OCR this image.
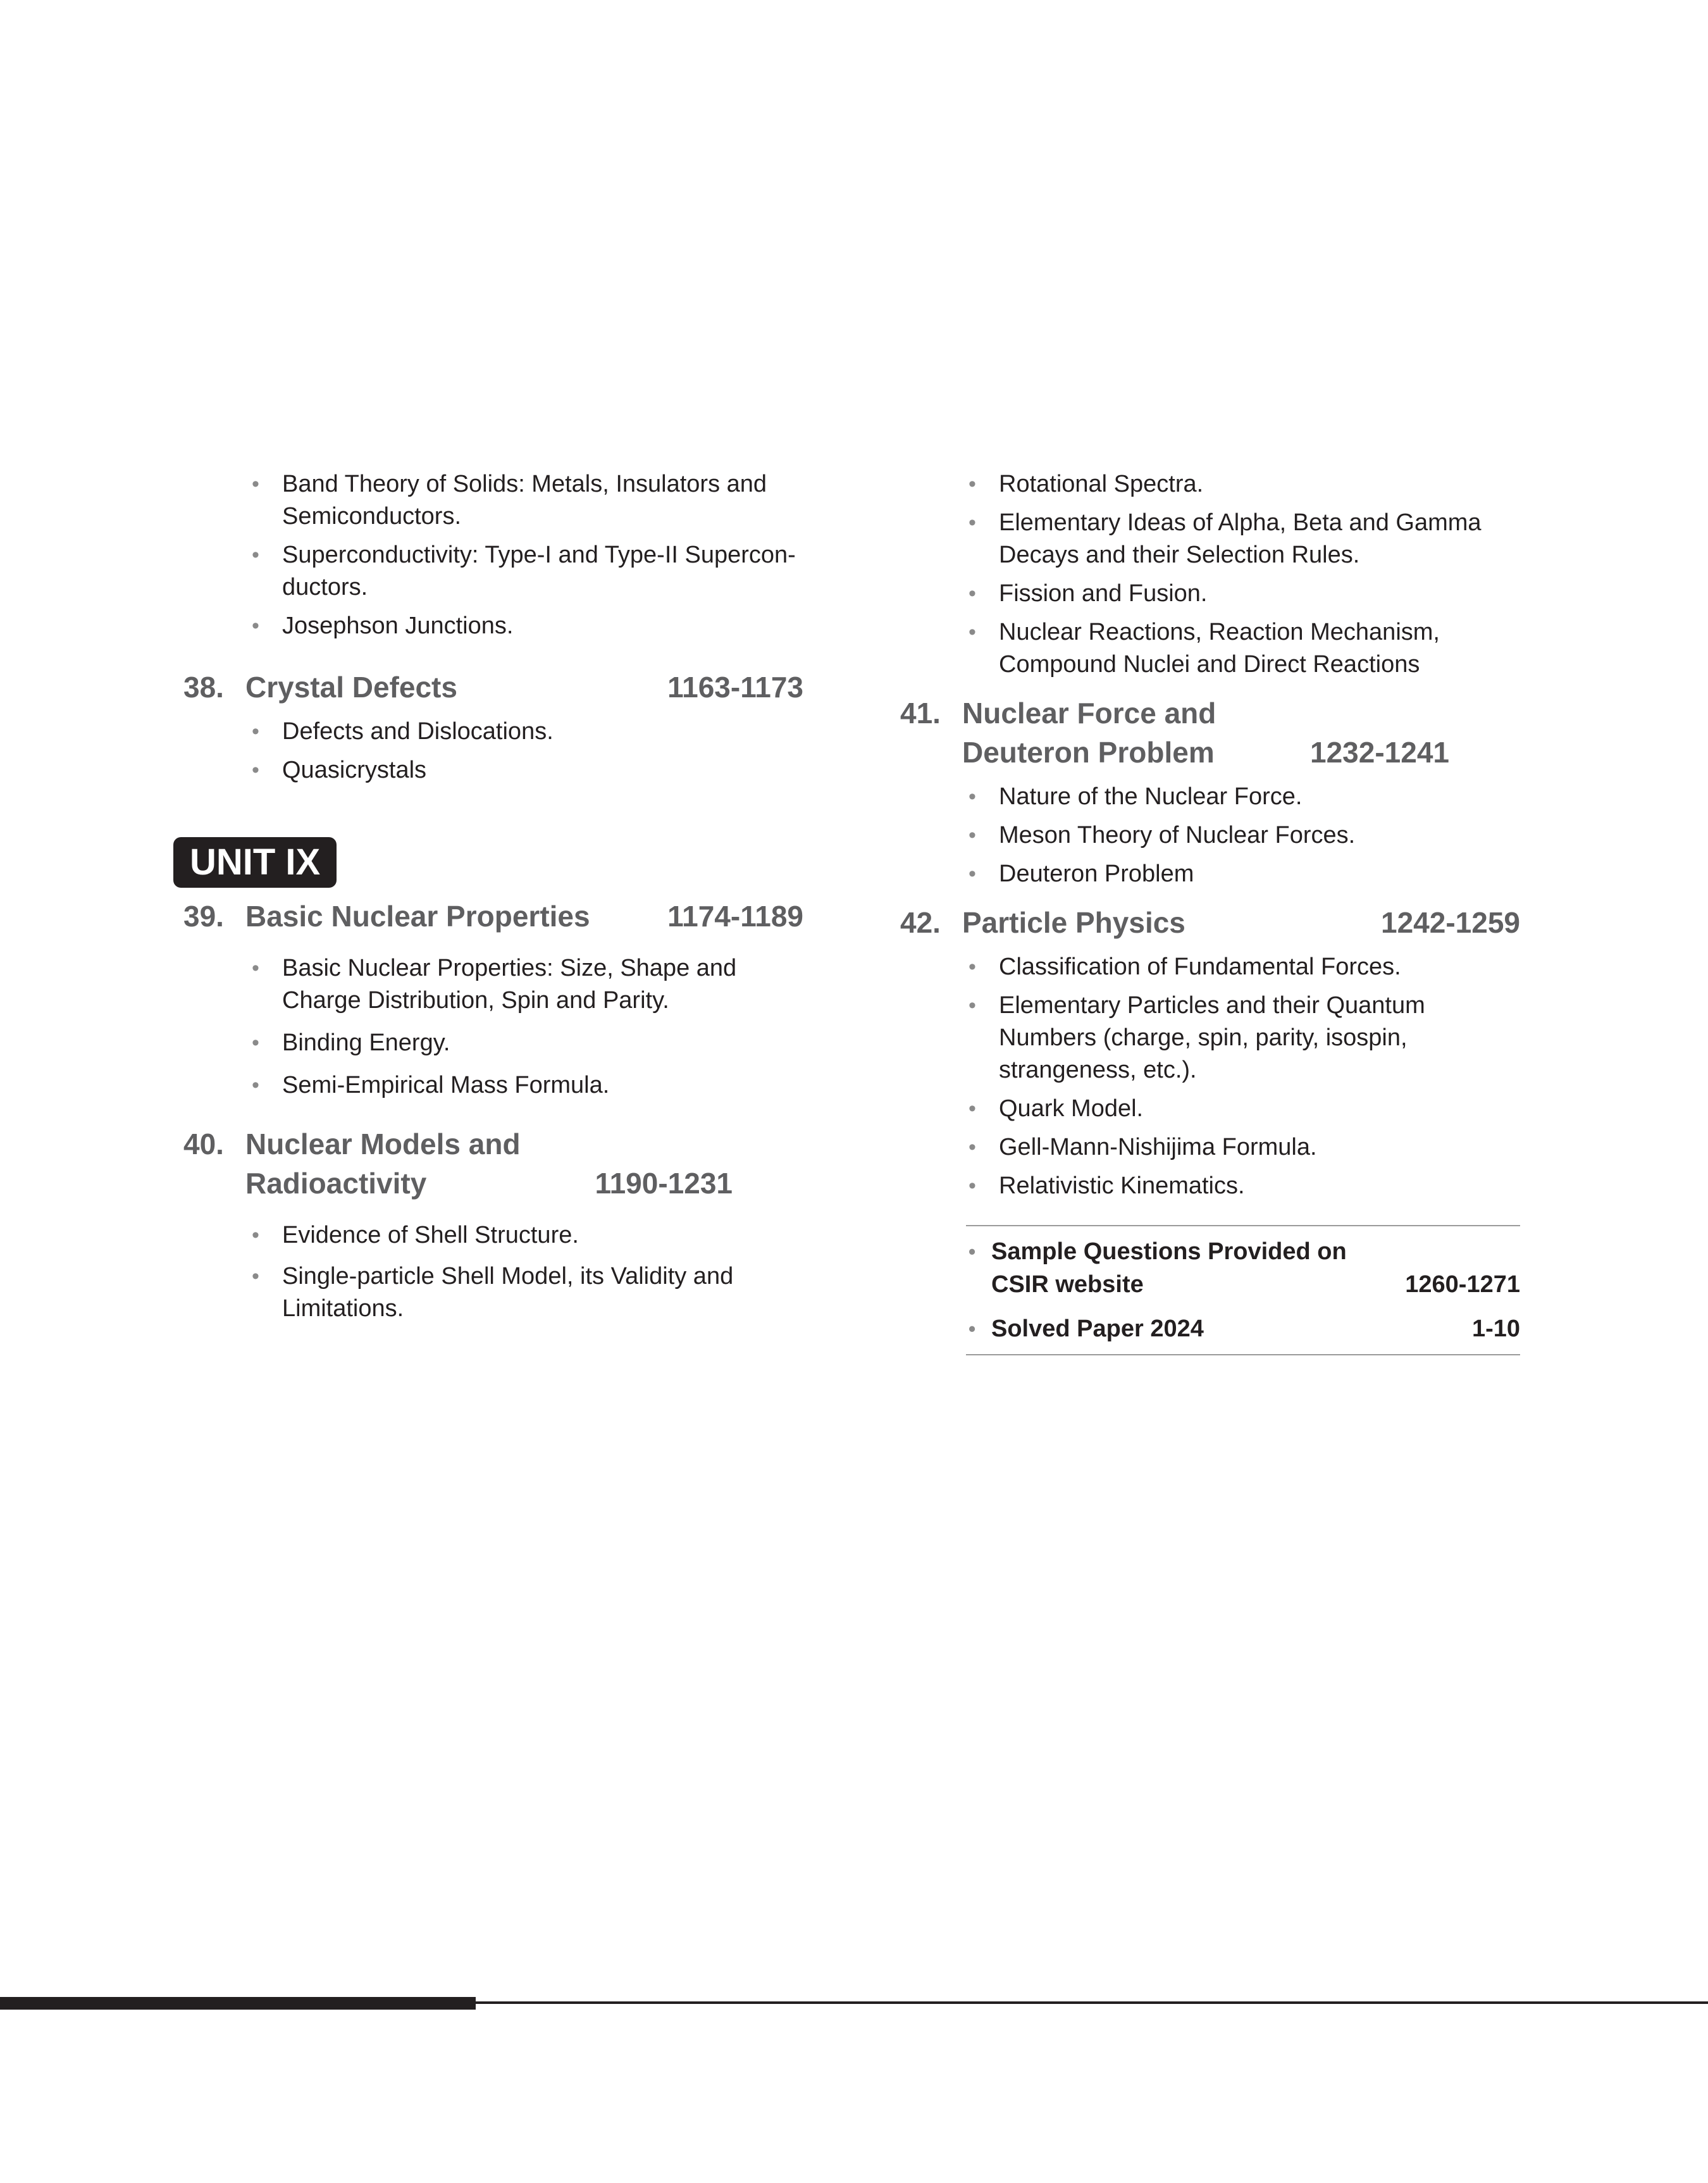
• Band Theory of Solids: Metals, Insulators and Semiconductors.
• Superconductivity: Type-I and Type-II Supercon-ductors.
• Josephson Junctions.
38. Crystal Defects	1163-1173
• Defects and Dislocations.
• Quasicrystals
UNIT IX
39. Basic Nuclear Properties	1174-1189
• Basic Nuclear Properties: Size, Shape and Charge Distribution, Spin and Parity.
• Binding Energy.
• Semi-Empirical Mass Formula.
40. Nuclear Models and Radioactivity	1190-1231
• Evidence of Shell Structure.
• Single-particle Shell Model, its Validity and Limitations.
• Rotational Spectra.
• Elementary Ideas of Alpha, Beta and Gamma Decays and their Selection Rules.
• Fission and Fusion.
• Nuclear Reactions, Reaction Mechanism, Compound Nuclei and Direct Reactions
41. Nuclear Force and Deuteron Problem	1232-1241
• Nature of the Nuclear Force.
• Meson Theory of Nuclear Forces.
• Deuteron Problem
42. Particle Physics	1242-1259
• Classification of Fundamental Forces.
• Elementary Particles and their Quantum Numbers (charge, spin, parity, isospin, strangeness, etc.).
• Quark Model.
• Gell-Mann-Nishijima Formula.
• Relativistic Kinematics.
• Sample Questions Provided on CSIR website	1260-1271
• Solved Paper 2024	1-10
